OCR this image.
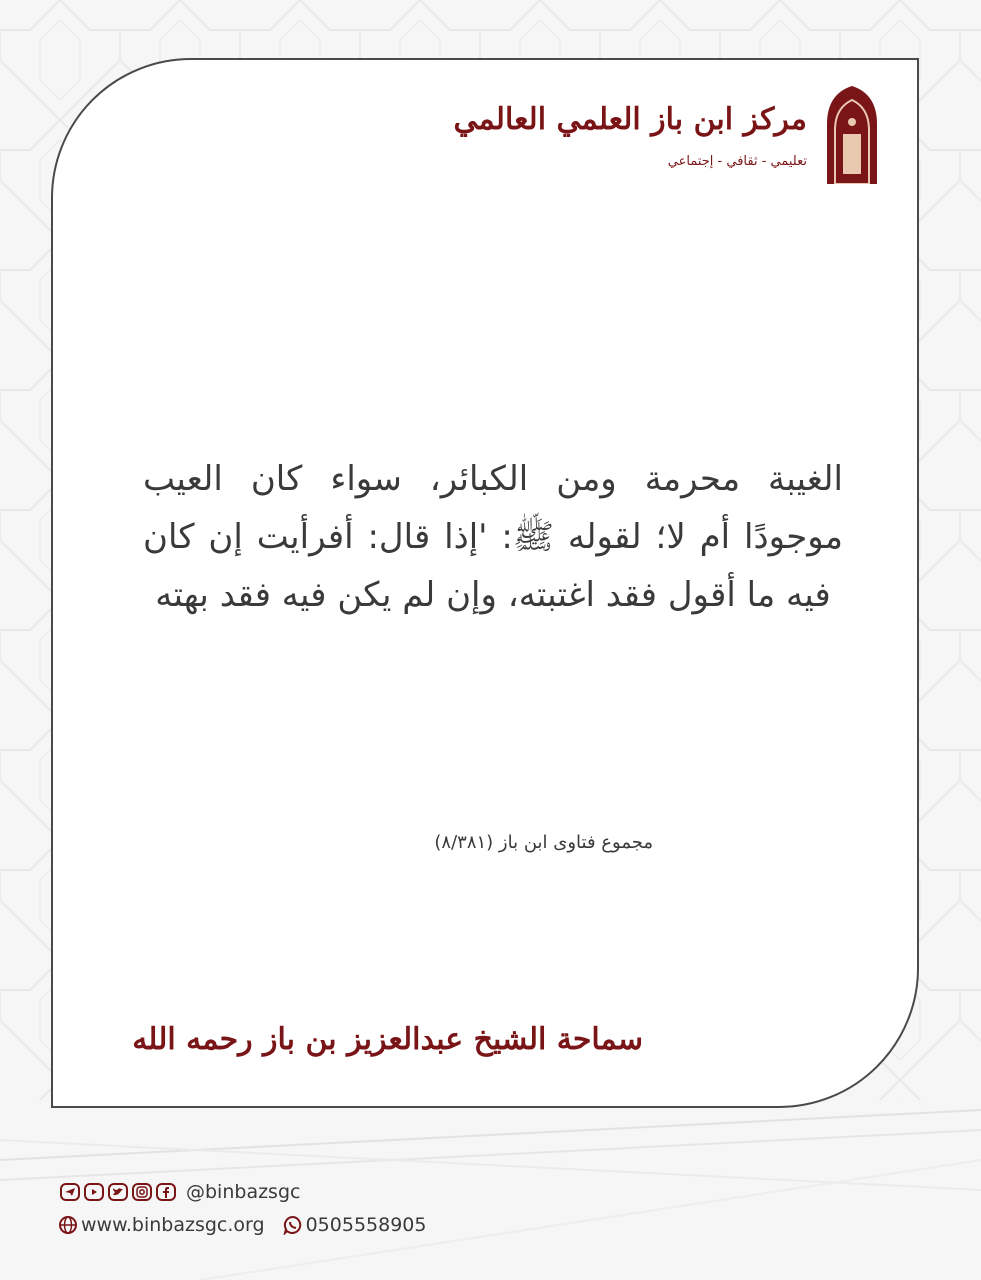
مركز ابن باز العلمي العالمي
تعليمي - ثقافي - إجتماعي
الغيبة محرمة ومن الكبائر، سواء كان العيب موجودًا أم لا؛ لقوله ﷺ: 'إذا قال: أفرأيت إن كان فيه ما أقول فقد اغتبته، وإن لم يكن فيه فقد بهته
مجموع فتاوى ابن باز (٨/٣٨١)
سماحة الشيخ عبدالعزيز بن باز رحمه الله
@binbazsgc
www.binbazsgc.org 0505558905
